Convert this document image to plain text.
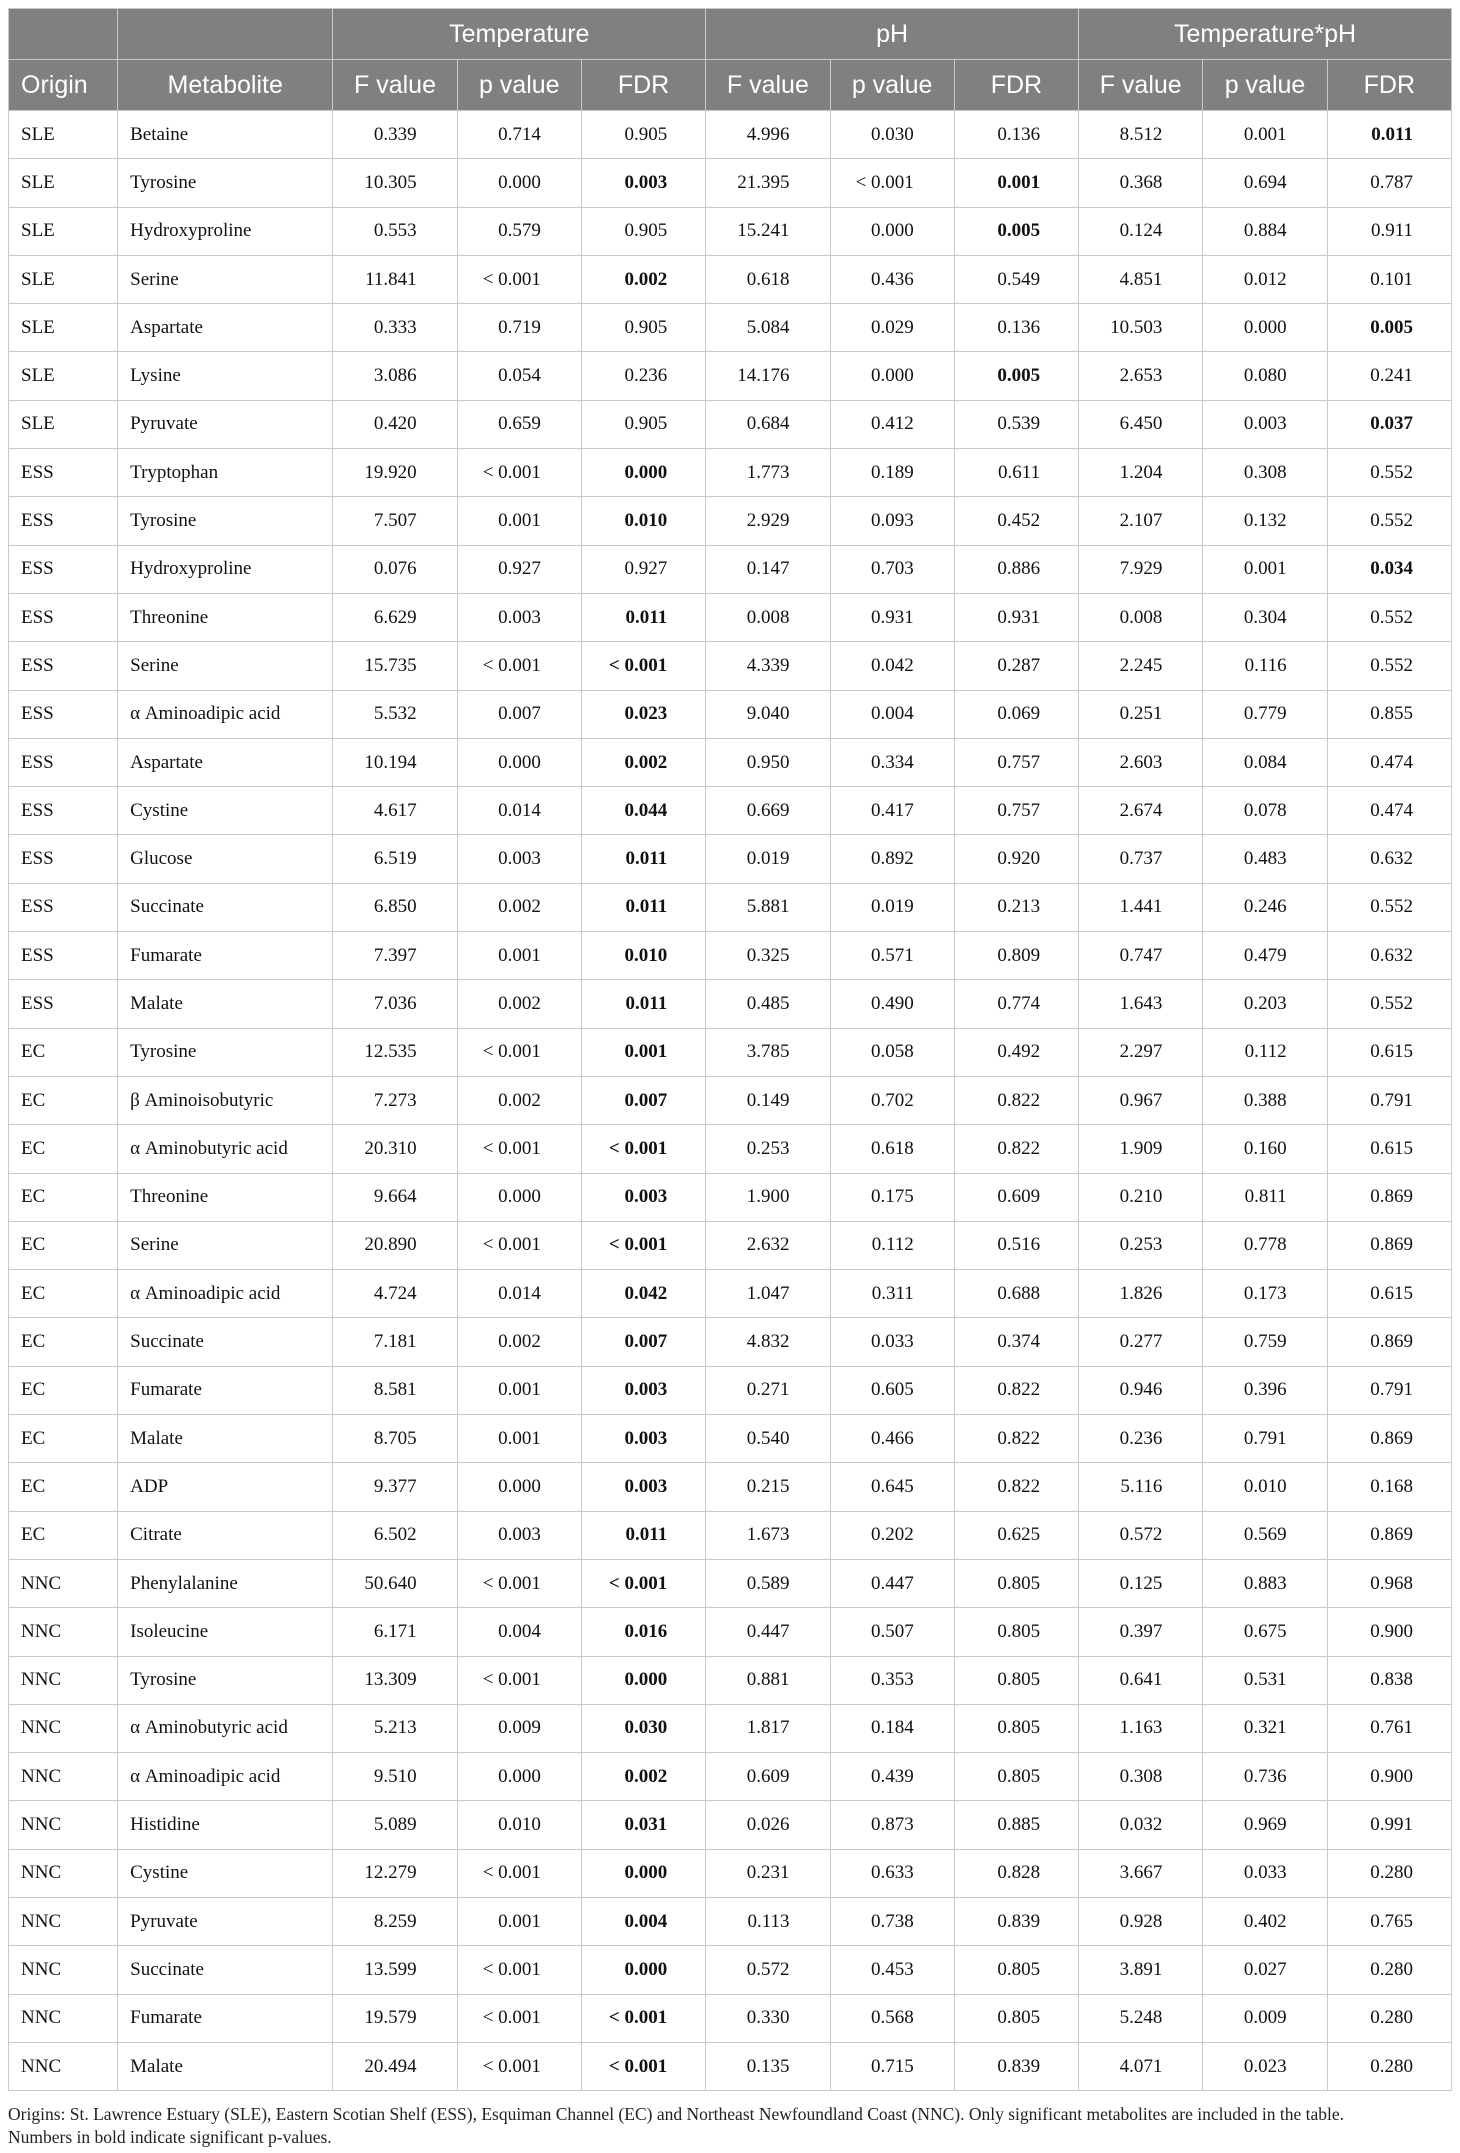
		Temperature			pH			Temperature*pH		
Origin	Metabolite	F value	p value	FDR	F value	p value	FDR	F value	p value	FDR
SLE	Betaine	0.339	0.714	0.905	4.996	0.030	0.136	8.512	0.001	0.011
SLE	Tyrosine	10.305	0.000	0.003	21.395	< 0.001	0.001	0.368	0.694	0.787
SLE	Hydroxyproline	0.553	0.579	0.905	15.241	0.000	0.005	0.124	0.884	0.911
SLE	Serine	11.841	< 0.001	0.002	0.618	0.436	0.549	4.851	0.012	0.101
SLE	Aspartate	0.333	0.719	0.905	5.084	0.029	0.136	10.503	0.000	0.005
SLE	Lysine	3.086	0.054	0.236	14.176	0.000	0.005	2.653	0.080	0.241
SLE	Pyruvate	0.420	0.659	0.905	0.684	0.412	0.539	6.450	0.003	0.037
ESS	Tryptophan	19.920	< 0.001	0.000	1.773	0.189	0.611	1.204	0.308	0.552
ESS	Tyrosine	7.507	0.001	0.010	2.929	0.093	0.452	2.107	0.132	0.552
ESS	Hydroxyproline	0.076	0.927	0.927	0.147	0.703	0.886	7.929	0.001	0.034
ESS	Threonine	6.629	0.003	0.011	0.008	0.931	0.931	0.008	0.304	0.552
ESS	Serine	15.735	< 0.001	< 0.001	4.339	0.042	0.287	2.245	0.116	0.552
ESS	α Aminoadipic acid	5.532	0.007	0.023	9.040	0.004	0.069	0.251	0.779	0.855
ESS	Aspartate	10.194	0.000	0.002	0.950	0.334	0.757	2.603	0.084	0.474
ESS	Cystine	4.617	0.014	0.044	0.669	0.417	0.757	2.674	0.078	0.474
ESS	Glucose	6.519	0.003	0.011	0.019	0.892	0.920	0.737	0.483	0.632
ESS	Succinate	6.850	0.002	0.011	5.881	0.019	0.213	1.441	0.246	0.552
ESS	Fumarate	7.397	0.001	0.010	0.325	0.571	0.809	0.747	0.479	0.632
ESS	Malate	7.036	0.002	0.011	0.485	0.490	0.774	1.643	0.203	0.552
EC	Tyrosine	12.535	< 0.001	0.001	3.785	0.058	0.492	2.297	0.112	0.615
EC	β Aminoisobutyric	7.273	0.002	0.007	0.149	0.702	0.822	0.967	0.388	0.791
EC	α Aminobutyric acid	20.310	< 0.001	< 0.001	0.253	0.618	0.822	1.909	0.160	0.615
EC	Threonine	9.664	0.000	0.003	1.900	0.175	0.609	0.210	0.811	0.869
EC	Serine	20.890	< 0.001	< 0.001	2.632	0.112	0.516	0.253	0.778	0.869
EC	α Aminoadipic acid	4.724	0.014	0.042	1.047	0.311	0.688	1.826	0.173	0.615
EC	Succinate	7.181	0.002	0.007	4.832	0.033	0.374	0.277	0.759	0.869
EC	Fumarate	8.581	0.001	0.003	0.271	0.605	0.822	0.946	0.396	0.791
EC	Malate	8.705	0.001	0.003	0.540	0.466	0.822	0.236	0.791	0.869
EC	ADP	9.377	0.000	0.003	0.215	0.645	0.822	5.116	0.010	0.168
EC	Citrate	6.502	0.003	0.011	1.673	0.202	0.625	0.572	0.569	0.869
NNC	Phenylalanine	50.640	< 0.001	< 0.001	0.589	0.447	0.805	0.125	0.883	0.968
NNC	Isoleucine	6.171	0.004	0.016	0.447	0.507	0.805	0.397	0.675	0.900
NNC	Tyrosine	13.309	< 0.001	0.000	0.881	0.353	0.805	0.641	0.531	0.838
NNC	α Aminobutyric acid	5.213	0.009	0.030	1.817	0.184	0.805	1.163	0.321	0.761
NNC	α Aminoadipic acid	9.510	0.000	0.002	0.609	0.439	0.805	0.308	0.736	0.900
NNC	Histidine	5.089	0.010	0.031	0.026	0.873	0.885	0.032	0.969	0.991
NNC	Cystine	12.279	< 0.001	0.000	0.231	0.633	0.828	3.667	0.033	0.280
NNC	Pyruvate	8.259	0.001	0.004	0.113	0.738	0.839	0.928	0.402	0.765
NNC	Succinate	13.599	< 0.001	0.000	0.572	0.453	0.805	3.891	0.027	0.280
NNC	Fumarate	19.579	< 0.001	< 0.001	0.330	0.568	0.805	5.248	0.009	0.280
NNC	Malate	20.494	< 0.001	< 0.001	0.135	0.715	0.839	4.071	0.023	0.280

Origins: St. Lawrence Estuary (SLE), Eastern Scotian Shelf (ESS), Esquiman Channel (EC) and Northeast Newfoundland Coast (NNC). Only significant metabolites are included in the table.

Numbers in bold indicate significant p-values.
